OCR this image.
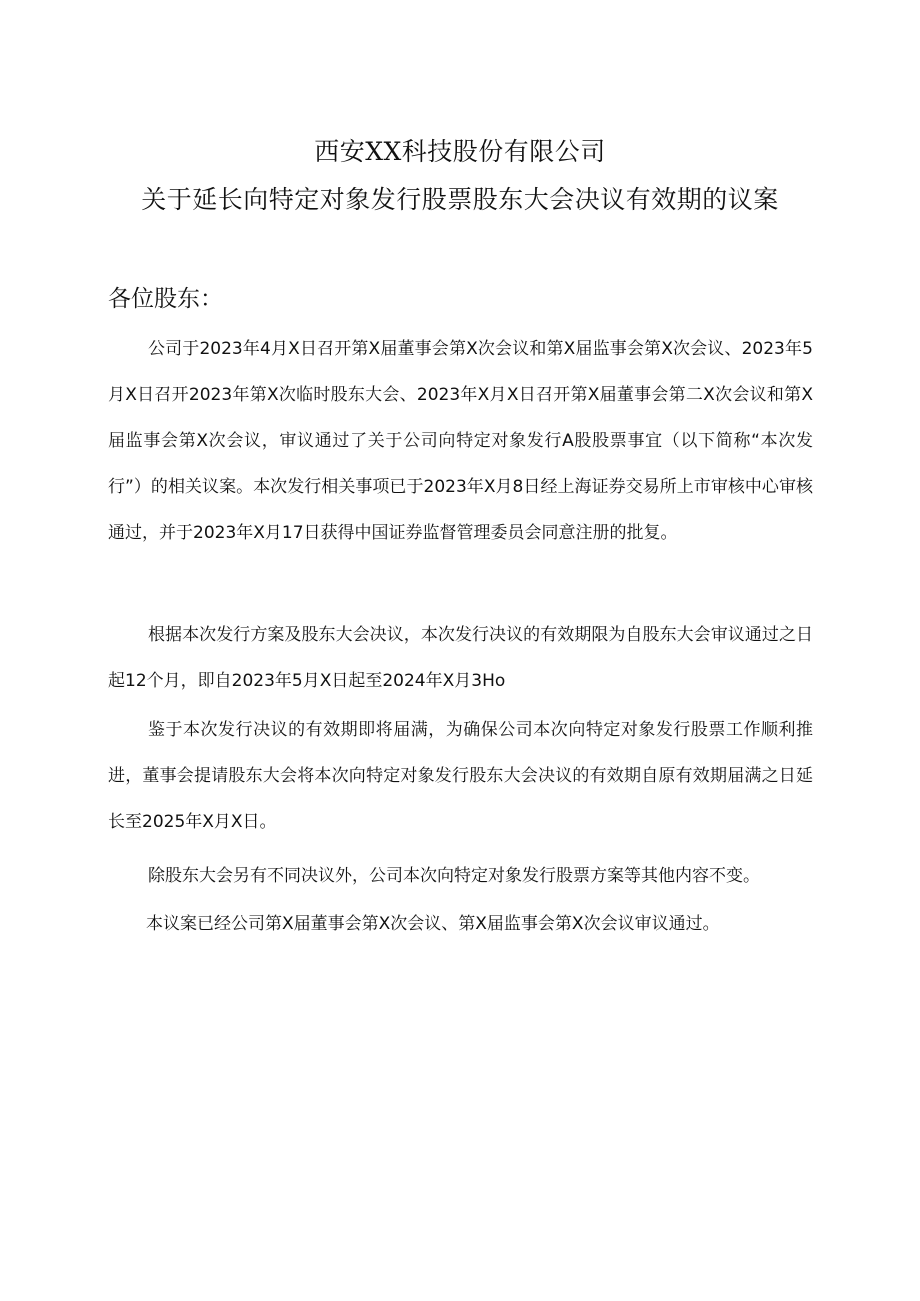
西安XX科技股份有限公司
关于延长向特定对象发行股票股东大会决议有效期的议案
各位股东：

公司于2023年4月X日召开第X届董事会第X次会议和第X届监事会第X次会议、2023年5月X日召开2023年第X次临时股东大会、2023年X月X日召开第X届董事会第二X次会议和第X届监事会第X次会议，审议通过了关于公司向特定对象发行A股股票事宜（以下简称“本次发行”）的相关议案。本次发行相关事项已于2023年X月8日经上海证券交易所上市审核中心审核通过，并于2023年X月17日获得中国证券监督管理委员会同意注册的批复。

根据本次发行方案及股东大会决议，本次发行决议的有效期限为自股东大会审议通过之日起12个月，即自2023年5月X日起至2024年X月3Ho

鉴于本次发行决议的有效期即将届满，为确保公司本次向特定对象发行股票工作顺利推进，董事会提请股东大会将本次向特定对象发行股东大会决议的有效期自原有效期届满之日延长至2025年X月X日。

除股东大会另有不同决议外，公司本次向特定对象发行股票方案等其他内容不变。

本议案已经公司第X届董事会第X次会议、第X届监事会第X次会议审议通过。
